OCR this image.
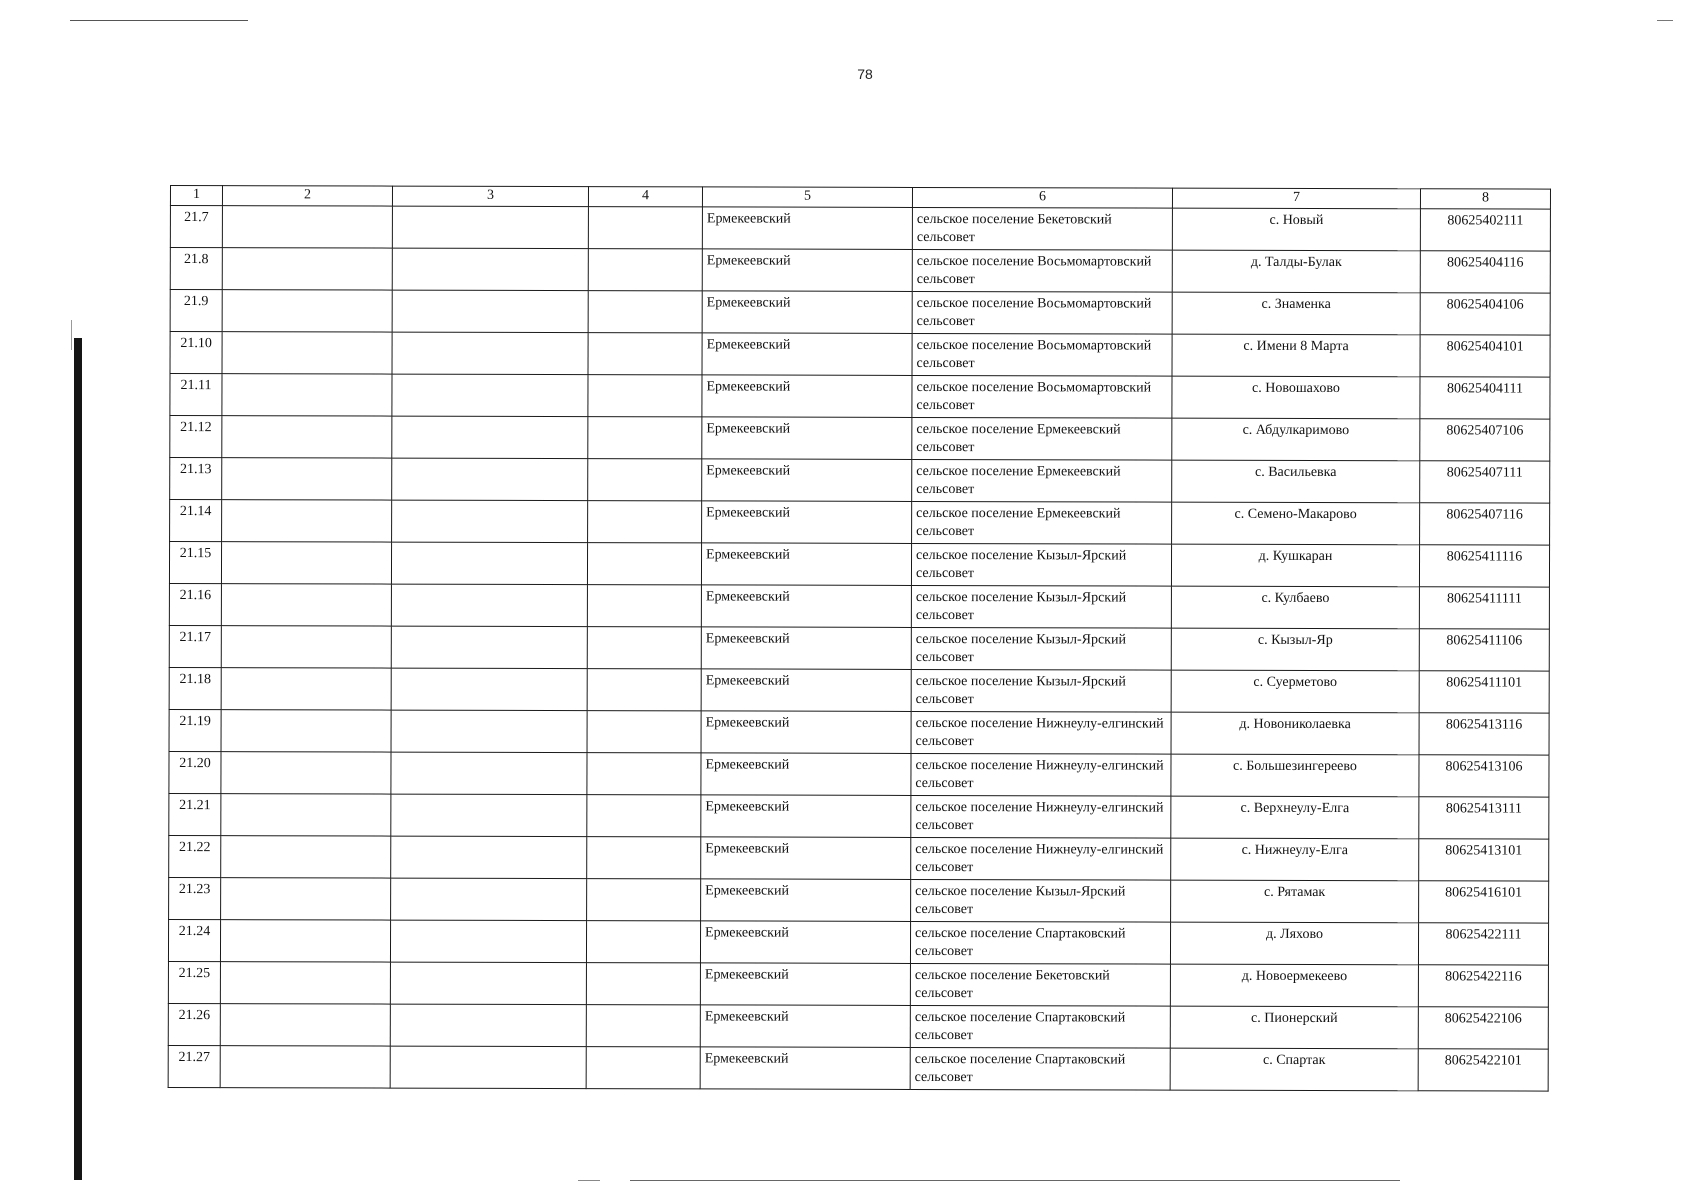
78
1	2	3	4	5	6	7	8
21.7				Ермекеевский	сельское поселение Бекетовский сельсовет	с. Новый	80625402111
21.8				Ермекеевский	сельское поселение Восьмомартовский сельсовет	д. Талды-Булак	80625404116
21.9				Ермекеевский	сельское поселение Восьмомартовский сельсовет	с. Знаменка	80625404106
21.10				Ермекеевский	сельское поселение Восьмомартовский сельсовет	с. Имени 8 Марта	80625404101
21.11				Ермекеевский	сельское поселение Восьмомартовский сельсовет	с. Новошахово	80625404111
21.12				Ермекеевский	сельское поселение Ермекеевский сельсовет	с. Абдулкаримово	80625407106
21.13				Ермекеевский	сельское поселение Ермекеевский сельсовет	с. Васильевка	80625407111
21.14				Ермекеевский	сельское поселение Ермекеевский сельсовет	с. Семено-Макарово	80625407116
21.15				Ермекеевский	сельское поселение Кызыл-Ярский сельсовет	д. Кушкаран	80625411116
21.16				Ермекеевский	сельское поселение Кызыл-Ярский сельсовет	с. Кулбаево	80625411111
21.17				Ермекеевский	сельское поселение Кызыл-Ярский сельсовет	с. Кызыл-Яр	80625411106
21.18				Ермекеевский	сельское поселение Кызыл-Ярский сельсовет	с. Суерметово	80625411101
21.19				Ермекеевский	сельское поселение Нижнеулу-елгинский сельсовет	д. Новониколаевка	80625413116
21.20				Ермекеевский	сельское поселение Нижнеулу-елгинский сельсовет	с. Большезингереево	80625413106
21.21				Ермекеевский	сельское поселение Нижнеулу-елгинский сельсовет	с. Верхнеулу-Елга	80625413111
21.22				Ермекеевский	сельское поселение Нижнеулу-елгинский сельсовет	с. Нижнеулу-Елга	80625413101
21.23				Ермекеевский	сельское поселение Кызыл-Ярский сельсовет	с. Рятамак	80625416101
21.24				Ермекеевский	сельское поселение Спартаковский сельсовет	д. Ляхово	80625422111
21.25				Ермекеевский	сельское поселение Бекетовский сельсовет	д. Новоермекеево	80625422116
21.26				Ермекеевский	сельское поселение Спартаковский сельсовет	с. Пионерский	80625422106
21.27				Ермекеевский	сельское поселение Спартаковский сельсовет	с. Спартак	80625422101
